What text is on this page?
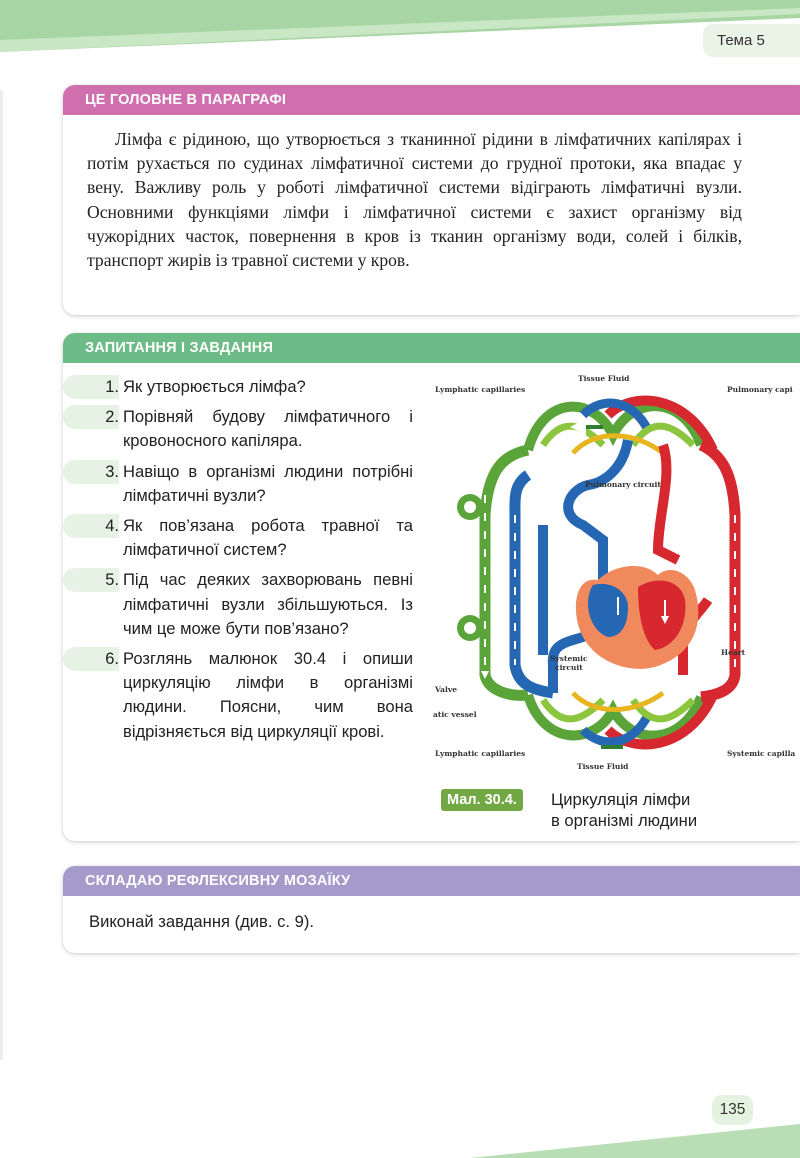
Тема 5
ЦЕ ГОЛОВНЕ В ПАРАГРАФІ

Лімфа є рідиною, що утворюється з тканинної рідини в лімфатичних капілярах і потім рухається по судинах лімфатичної системи до грудної протоки, яка впадає у вену. Важливу роль у роботі лімфатичної системи відіграють лімфатичні вузли. Основними функціями лімфи і лімфатичної системи є захист організму від чужорідних часток, повернення в кров із тканин організму води, солей і білків, транспорт жирів із травної системи у кров.

ЗАПИТАННЯ І ЗАВДАННЯ
1. Як утворюється лімфа?
2. Порівняй будову лімфатичного і кровоносного капіляра.
3. Навіщо в організмі людини потрібні лімфатичні вузли?
4. Як пов’язана робота травної та лімфатичної систем?
5. Під час деяких захворювань певні лімфатичні вузли збільшуються. Із чим це може бути пов’язано?
6. Розглянь малюнок 30.4 і опиши циркуляцію лімфи в організмі людини. Поясни, чим вона відрізняється від циркуляції крові.
Lymphatic capillaries
Tissue Fluid
Pulmonary capi
Pulmonary circuit
Systemic
circuit
Heart
Valve
atic vessel
Lymphatic capillaries
Tissue Fluid
Systemic capilla
Мал. 30.4.	Циркуляція лімфи
в організмі людини
СКЛАДАЮ РЕФЛЕКСИВНУ МОЗАЇКУ
Виконай завдання (див. с. 9).
135
